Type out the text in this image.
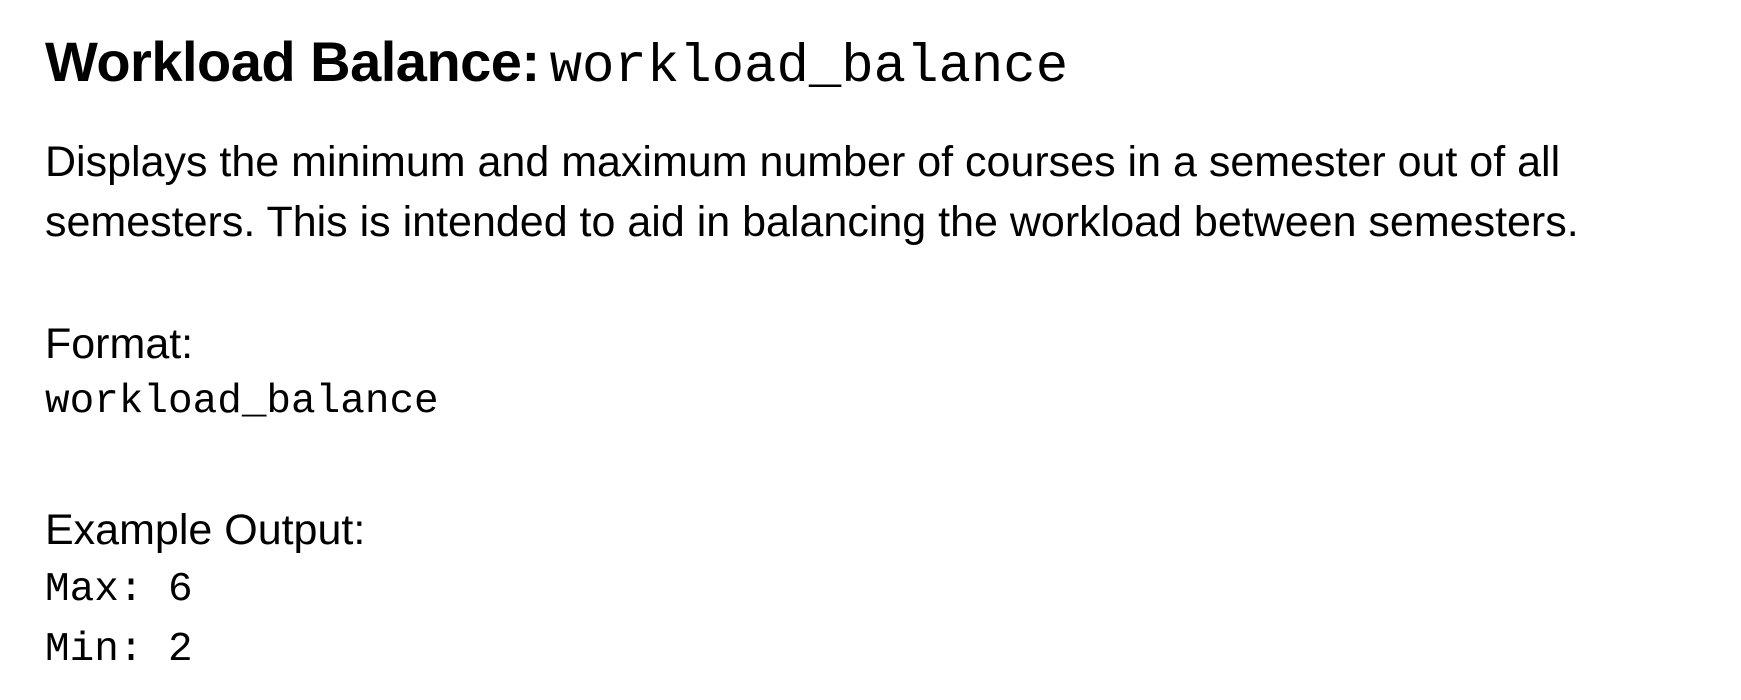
Workload Balance: workload_balance
Displays the minimum and maximum number of courses in a semester out of all semesters. This is intended to aid in balancing the workload between semesters.
Format:
workload_balance
Example Output:
Max: 6
Min: 2
